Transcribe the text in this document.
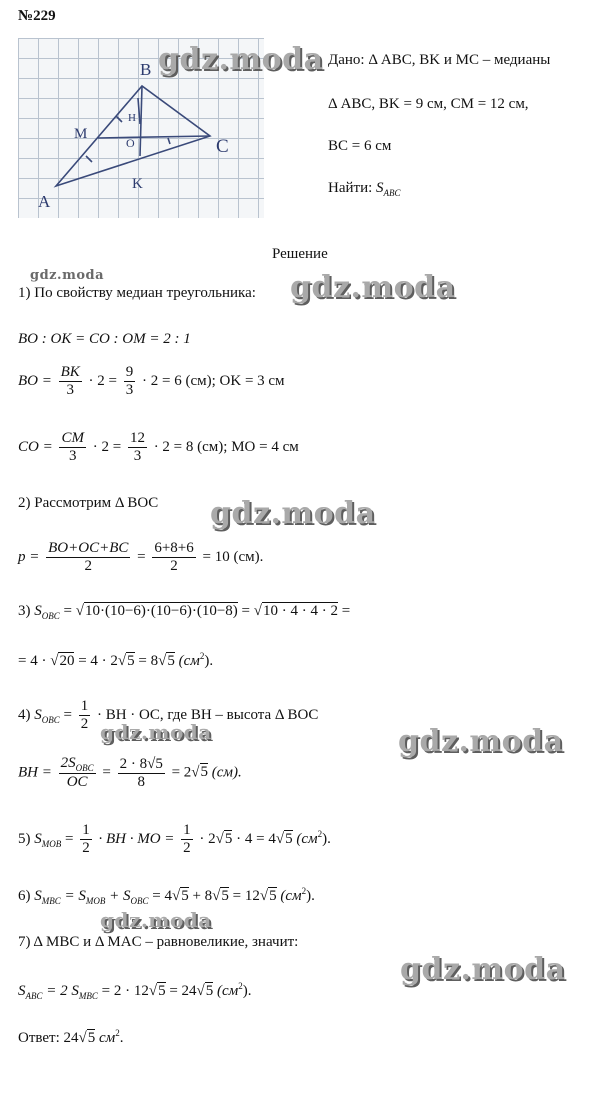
№229
B
A
C
M
O
K
H
Дано: Δ ABC, BK и MC – медианы
Δ ABC, BK = 9 см, CM = 12 см,
BC = 6 см
Найти: $S_{ABC}$
Решение
1) По свойству медиан треугольника:
BO : OK = CO : OM = 2 : 1
BO = $\frac{BK}{3} \cdot 2 = \frac{9}{3} \cdot 2 = 6$ (см); OK = 3 см
CO = $\frac{CM}{3} \cdot 2 = \frac{12}{3} \cdot 2 = 8$ (см); MO = 4 см
2) Рассмотрим Δ BOC
$p = \frac{BO+OC+BC}{2} = \frac{6+8+6}{2} = 10$ (см).
3) $S_{OBC} = √10\cdot(10-6)\cdot(10-6)\cdot(10-8) = √10 \cdot 4 \cdot 4 \cdot 2$ =
= 4 · √20 = 4 · 2√5 = 8√5 $(см^2)$.
4) $S_{OBC} = \frac{1}{2}$ · BH · OC, где BH – высота Δ BOC
BH = $\frac{2S_{OBC}}{OC} = \frac{2 \cdot 8√5}{8} = 2√5$ (см).
5) $S_{MOB} = \frac{1}{2}$ · BH · MO = $\frac{1}{2} \cdot 2√5 \cdot 4 = 4√5$ $(см^2)$.
6) $S_{MBC} = S_{MOB} + S_{OBC} = 4√5 + 8√5 = 12√5$ $(см^2)$.
7) Δ MBC и Δ MAC – равновеликие, значит:
$S_{ABC} = 2$ $S_{MBC} = 2 \cdot 12√5 = 24√5$ $(см^2)$.
Ответ: 24√5 $см^2$.
gdz.moda
gdz.moda	gdz.moda
gdz.moda
gdz.moda	gdz.moda
gdz.moda
gdz.moda
